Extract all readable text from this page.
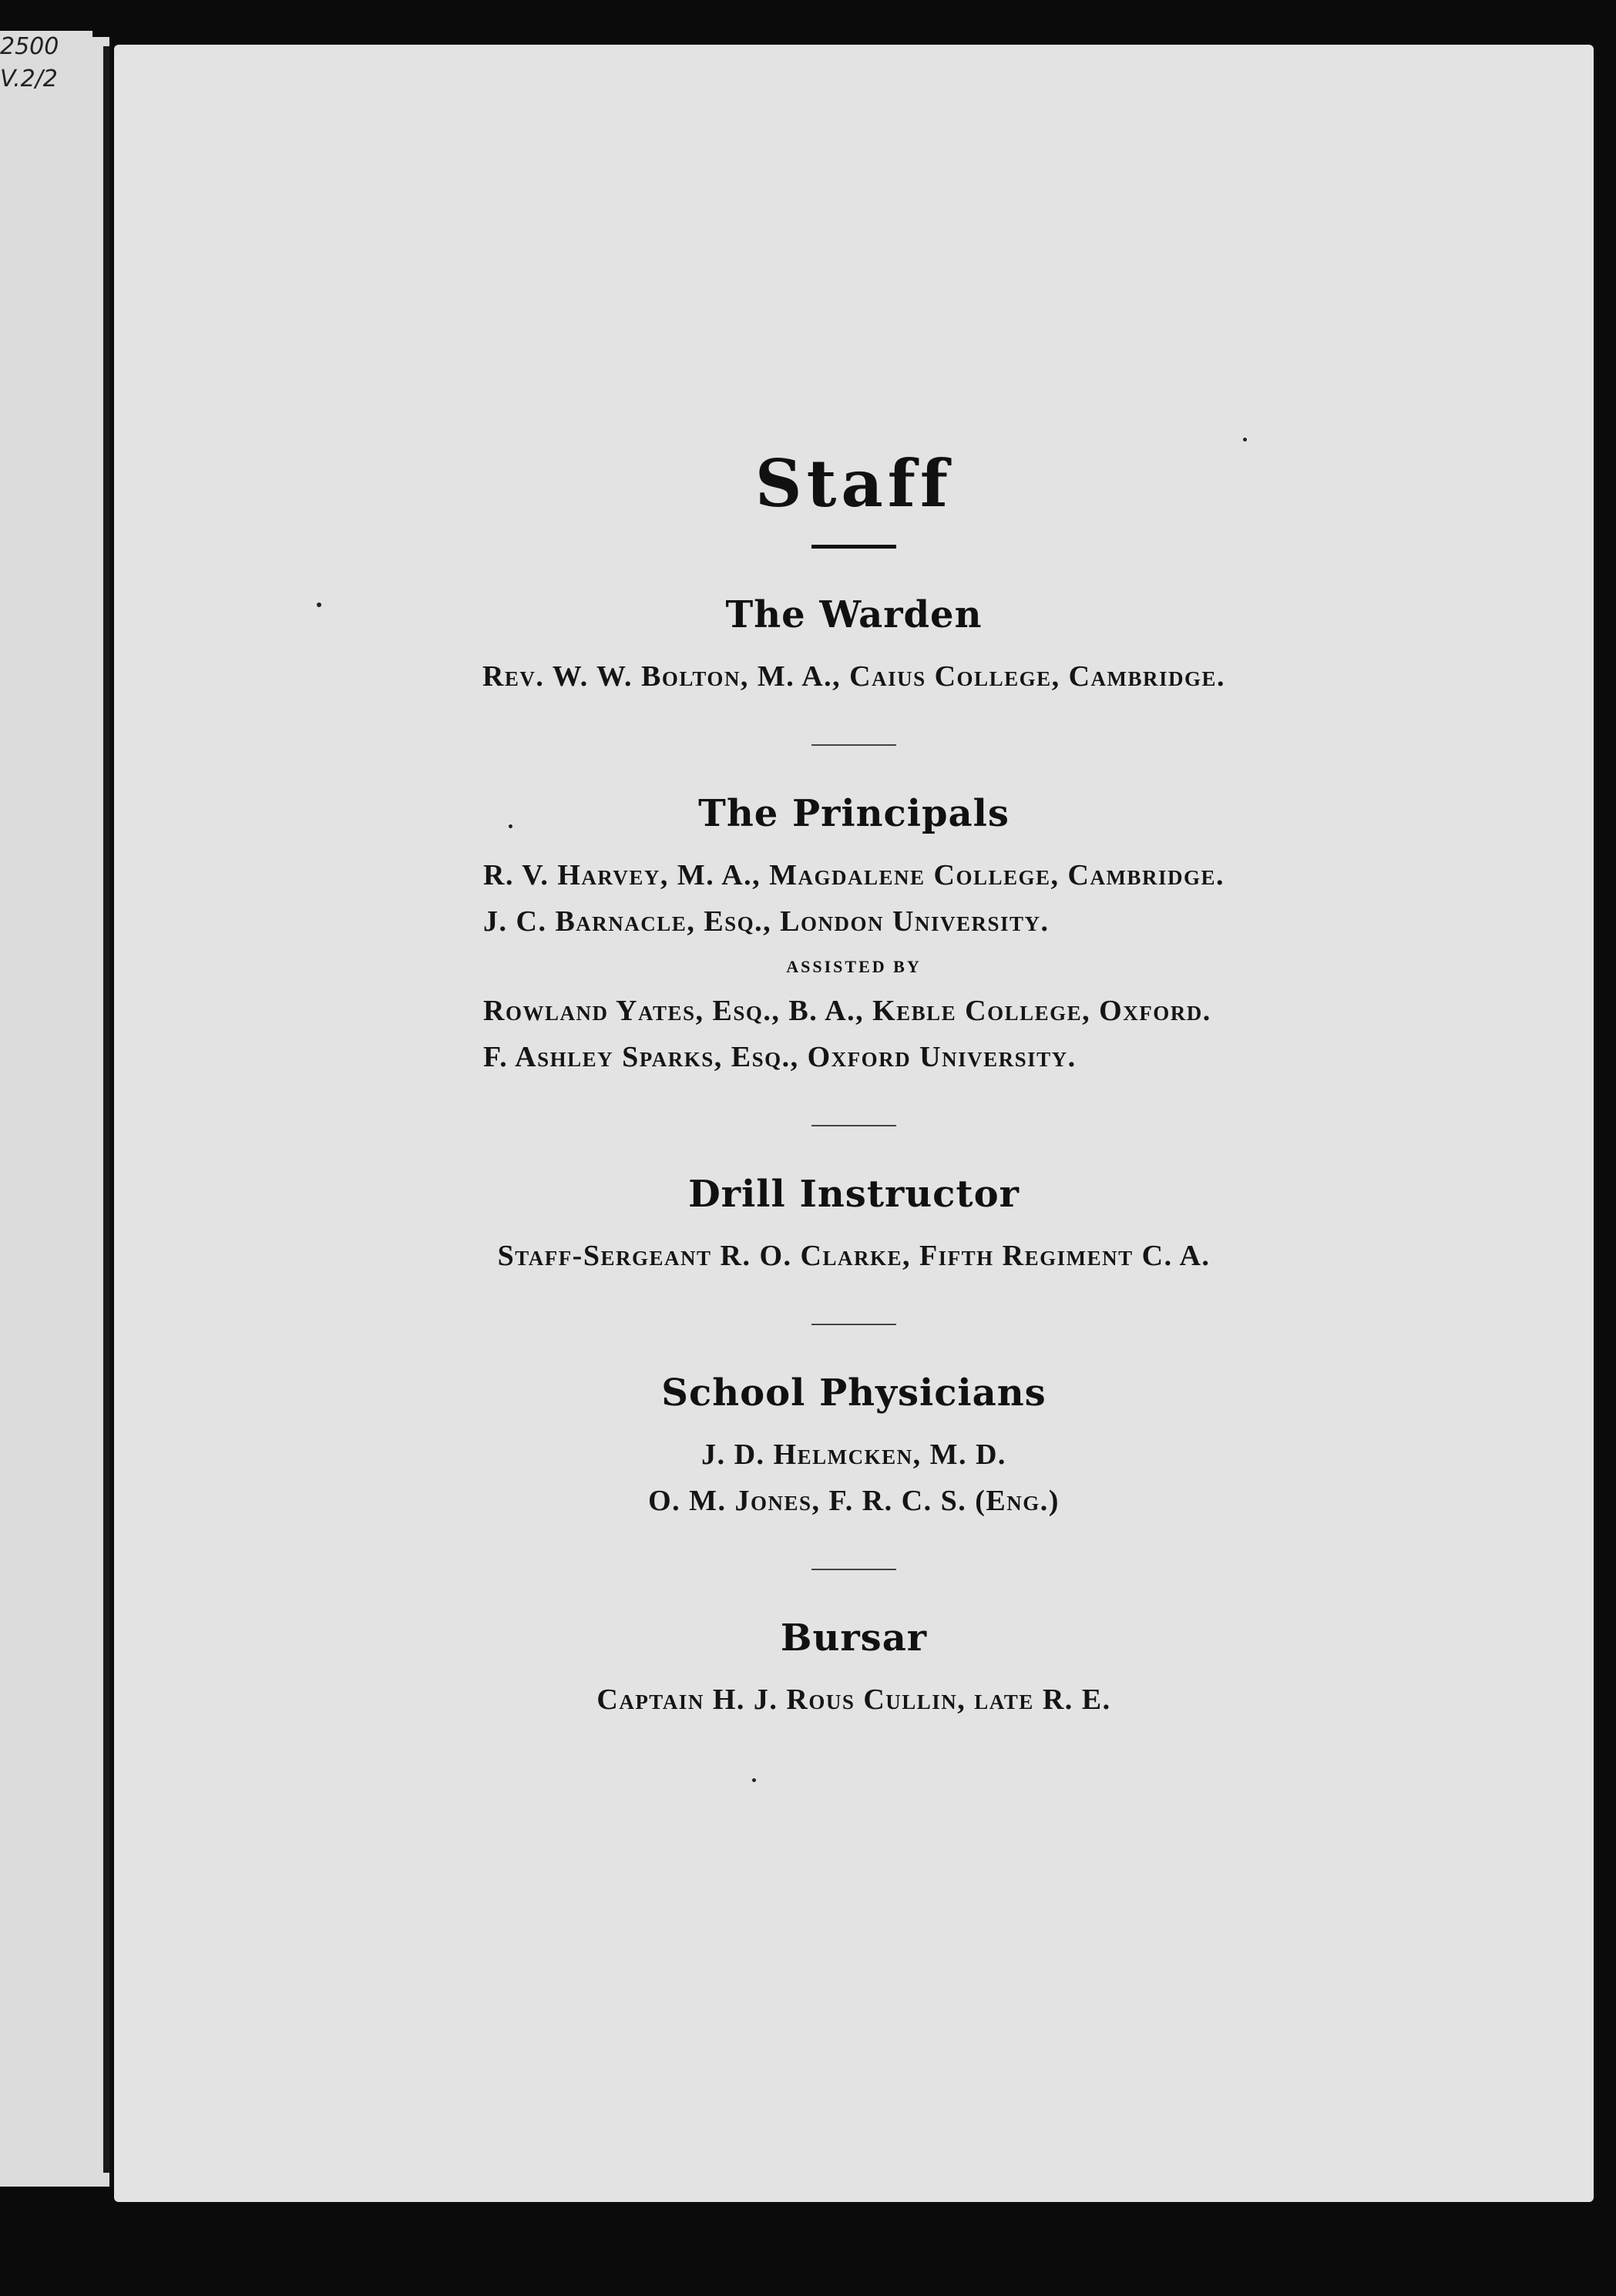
2500
V.2/2
Staff
The Warden
Rev. W. W. Bolton, M. A., Caius College, Cambridge.
The Principals
R. V. Harvey, M. A., Magdalene College, Cambridge.
J. C. Barnacle, Esq., London University.
ASSISTED BY
Rowland Yates, Esq., B. A., Keble College, Oxford.
F. Ashley Sparks, Esq., Oxford University.
Drill Instructor
Staff-Sergeant R. O. Clarke, Fifth Regiment C. A.
School Physicians
J. D. Helmcken, M. D.
O. M. Jones, F. R. C. S. (Eng.)
Bursar
Captain H. J. Rous Cullin, late R. E.
